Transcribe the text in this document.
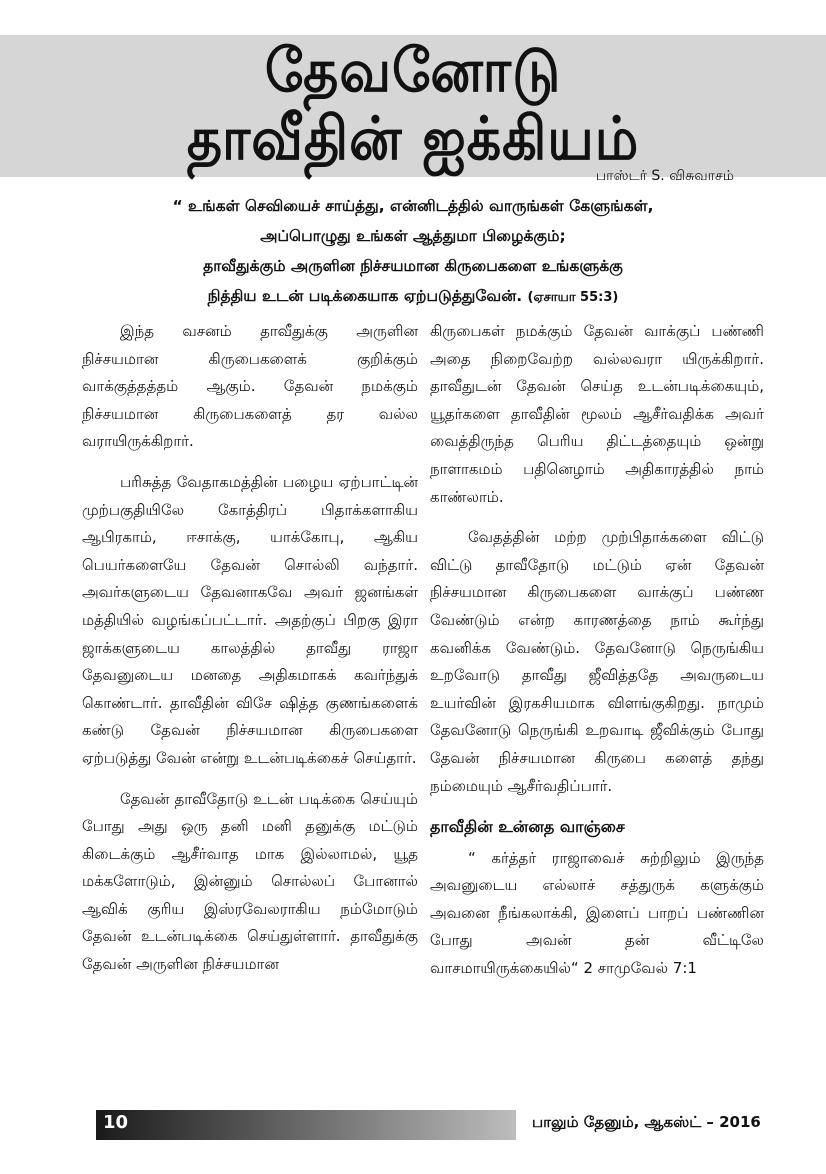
தேவனோடு
தாவீதின் ஐக்கியம்
பாஸ்டர் S. விசுவாசம்
“ உங்கள் செவியைச் சாய்த்து, என்னிடத்தில் வாருங்கள் கேளுங்கள்,
அப்பொழுது உங்கள் ஆத்துமா பிழைக்கும்;
தாவீதுக்கும் அருளின நிச்சயமான கிருபைகளை உங்களுக்கு
நித்திய உடன் படிக்கையாக ஏற்படுத்துவேன். (ஏசாயா 55:3)

இந்த வசனம் தாவீதுக்கு அருளின நிச்சயமான கிருபைகளைக் குறிக்கும் வாக்குத்தத்தம் ஆகும். தேவன் நமக்கும் நிச்சயமான கிருபைகளைத் தர வல்ல வராயிருக்கிறார்.

பரிசுத்த வேதாகமத்தின் பழைய ஏற்பாட்டின் முற்பகுதியிலே கோத்திரப் பிதாக்களாகிய ஆபிரகாம், ஈசாக்கு, யாக்கோபு, ஆகிய பெயர்களையே தேவன் சொல்லி வந்தார். அவர்களுடைய தேவனாகவே அவர் ஜனங்கள் மத்தியில் வழங்கப்பட்டார். அதற்குப் பிறகு இரா ஜாக்களுடைய காலத்தில் தாவீது ராஜா தேவனுடைய மனதை அதிகமாகக் கவர்ந்துக் கொண்டார். தாவீதின் விசே ஷித்த குணங்களைக் கண்டு தேவன் நிச்சயமான கிருபைகளை ஏற்படுத்து வேன் என்று உடன்படிக்கைச் செய்தார்.

தேவன் தாவீதோடு உடன் படிக்கை செய்யும் போது அது ஒரு தனி மனி தனுக்கு மட்டும் கிடைக்கும் ஆசீர்வாத மாக இல்லாமல், யூத மக்களோடும், இன்னும் சொல்லப் போனால் ஆவிக் குரிய இஸ்ரவேலராகிய நம்மோடும் தேவன் உடன்படிக்கை செய்துள்ளார். தாவீதுக்கு தேவன் அருளின நிச்சயமான

கிருபைகள் நமக்கும் தேவன் வாக்குப் பண்ணி அதை நிறைவேற்ற வல்லவரா யிருக்கிறார். தாவீதுடன் தேவன் செய்த உடன்படிக்கையும், யூதர்களை தாவீதின் மூலம் ஆசீர்வதிக்க அவர் வைத்திருந்த பெரிய திட்டத்தையும் ஒன்று நாளாகமம் பதினெழாம் அதிகாரத்தில் நாம் காண்லாம்.

வேதத்தின் மற்ற முற்பிதாக்களை விட்டு விட்டு தாவீதோடு மட்டும் ஏன் தேவன் நிச்சயமான கிருபைகளை வாக்குப் பண்ண வேண்டும் என்ற காரணத்தை நாம் கூர்ந்து கவனிக்க வேண்டும். தேவனோடு நெருங்கிய உறவோடு தாவீது ஜீவித்ததே அவருடைய உயர்வின் இரகசியமாக விளங்குகிறது. நாமும் தேவனோடு நெருங்கி உறவாடி ஜீவிக்கும் போது தேவன் நிச்சயமான கிருபை களைத் தந்து நம்மையும் ஆசீர்வதிப்பார்.

தாவீதின் உன்னத வாஞ்சை

“ கர்த்தர் ராஜாவைச் சுற்றிலும் இருந்த அவனுடைய எல்லாச் சத்துருக் களுக்கும் அவனை நீங்கலாக்கி, இளைப் பாறப் பண்ணின போது அவன் தன் வீட்டிலே வாசமாயிருக்கையில்“ 2 சாமுவேல் 7:1

10	பாலும் தேனும், ஆகஸ்ட் – 2016
